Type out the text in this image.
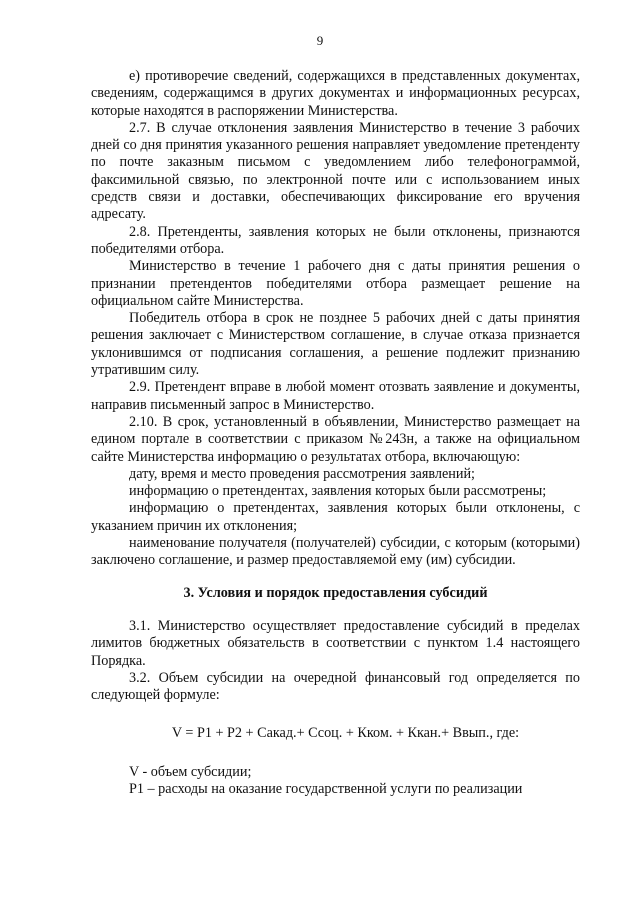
9

е) противоречие сведений, содержащихся в представленных документах, сведениям, содержащимся в других документах и информационных ресурсах, которые находятся в распоряжении Министерства.

2.7. В случае отклонения заявления Министерство в течение 3 рабочих дней со дня принятия указанного решения направляет уведомление претенденту по почте заказным письмом с уведомлением либо телефонограммой, факсимильной связью, по электронной почте или с использованием иных средств связи и доставки, обеспечивающих фиксирование его вручения адресату.

2.8. Претенденты, заявления которых не были отклонены, признаются победителями отбора.

Министерство в течение 1 рабочего дня с даты принятия решения о признании претендентов победителями отбора размещает решение на официальном сайте Министерства.

Победитель отбора в срок не позднее 5 рабочих дней с даты принятия решения заключает с Министерством соглашение, в случае отказа признается уклонившимся от подписания соглашения, а решение подлежит признанию утратившим силу.

2.9. Претендент вправе в любой момент отозвать заявление и документы, направив письменный запрос в Министерство.

2.10. В срок, установленный в объявлении, Министерство размещает на едином портале в соответствии с приказом №243н, а также на официальном сайте Министерства информацию о результатах отбора, включающую:

дату, время и место проведения рассмотрения заявлений;

информацию о претендентах, заявления которых были рассмотрены;

информацию о претендентах, заявления которых были отклонены, с указанием причин их отклонения;

наименование получателя (получателей) субсидии, с которым (которыми) заключено соглашение, и размер предоставляемой ему (им) субсидии.

3. Условия и порядок предоставления субсидий

3.1. Министерство осуществляет предоставление субсидий в пределах лимитов бюджетных обязательств в соответствии с пунктом 1.4 настоящего Порядка.

3.2. Объем субсидии на очередной финансовый год определяется по следующей формуле:

V = P1 + P2 + Сакад.+ Ссоц. + Кком. + Ккан.+ Ввып., где:

V - объем субсидии;

P1 – расходы на оказание государственной услуги по реализации
